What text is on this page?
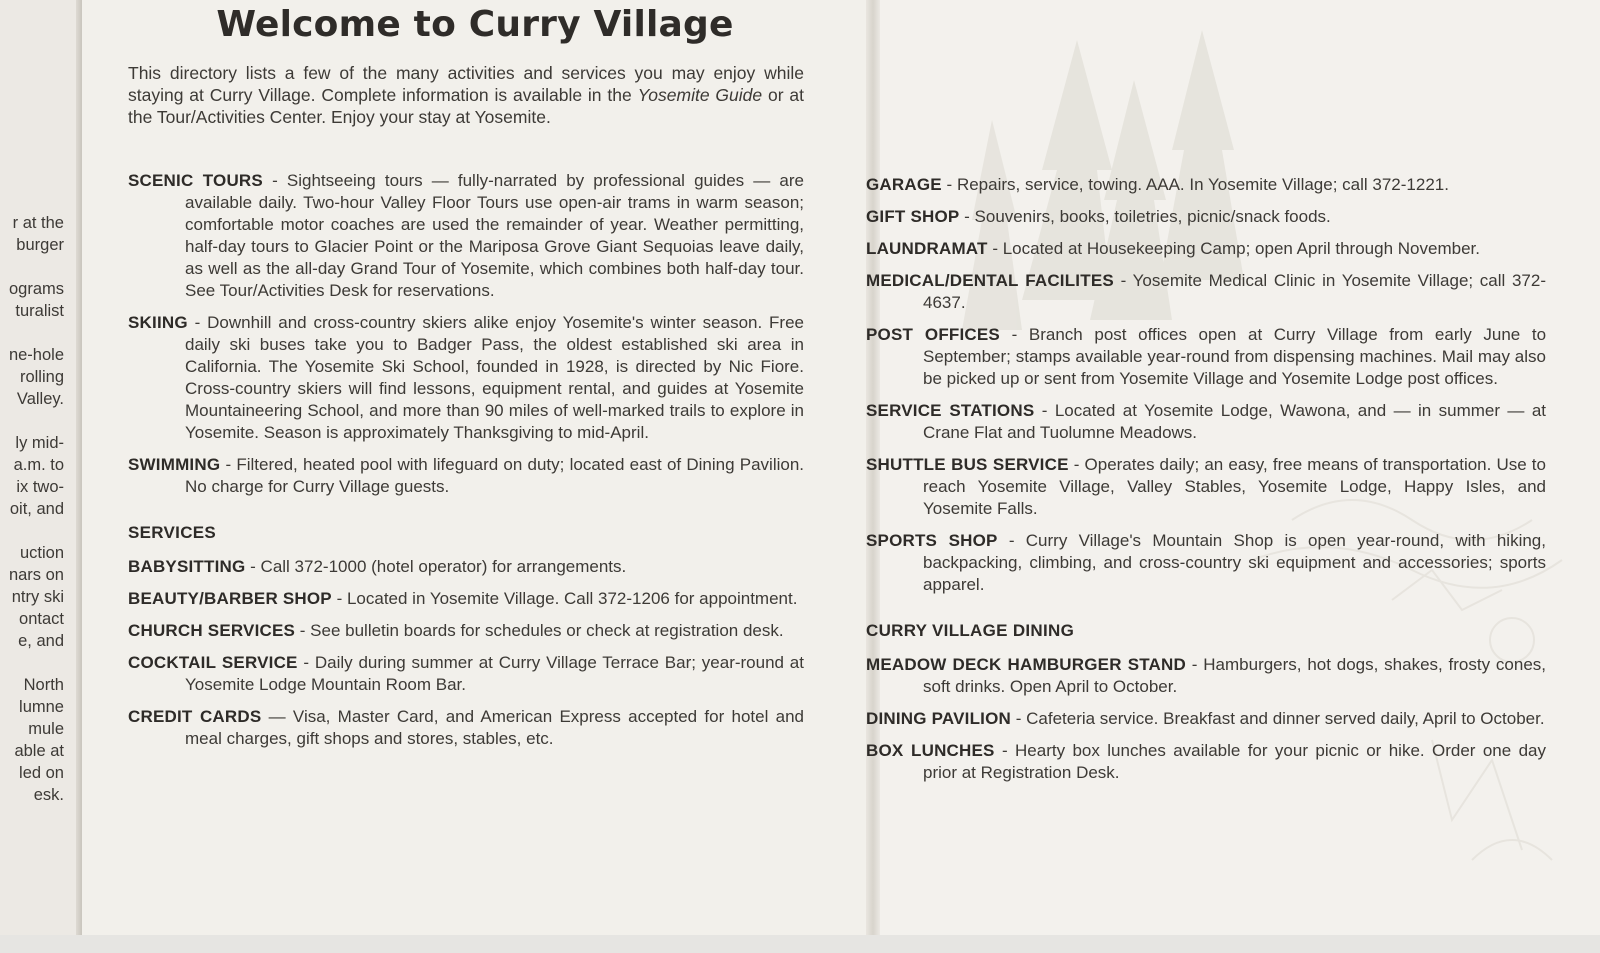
r at the
burger
ograms
turalist
ne-hole
rolling
Valley.
ly mid-
a.m. to
ix two-
oit, and
uction
nars on
ntry ski
ontact
e, and
North
lumne
mule
able at
led on
esk.
Welcome to Curry Village
This directory lists a few of the many activities and services you may enjoy while staying at Curry Village. Complete information is available in the Yosemite Guide or at the Tour/Activities Center. Enjoy your stay at Yosemite.

SCENIC TOURS - Sightseeing tours — fully-narrated by professional guides — are available daily. Two-hour Valley Floor Tours use open-air trams in warm season; comfortable motor coaches are used the remainder of year. Weather permitting, half-day tours to Glacier Point or the Mariposa Grove Giant Sequoias leave daily, as well as the all-day Grand Tour of Yosemite, which combines both half-day tour. See Tour/Activities Desk for reservations.

SKIING - Downhill and cross-country skiers alike enjoy Yosemite's winter season. Free daily ski buses take you to Badger Pass, the oldest established ski area in California. The Yosemite Ski School, founded in 1928, is directed by Nic Fiore. Cross-country skiers will find lessons, equipment rental, and guides at Yosemite Mountaineering School, and more than 90 miles of well-marked trails to explore in Yosemite. Season is approximately Thanksgiving to mid-April.

SWIMMING - Filtered, heated pool with lifeguard on duty; located east of Dining Pavilion. No charge for Curry Village guests.

SERVICES

BABYSITTING - Call 372-1000 (hotel operator) for arrangements.

BEAUTY/BARBER SHOP - Located in Yosemite Village. Call 372-1206 for appointment.

CHURCH SERVICES - See bulletin boards for schedules or check at registration desk.

COCKTAIL SERVICE - Daily during summer at Curry Village Terrace Bar; year-round at Yosemite Lodge Mountain Room Bar.

CREDIT CARDS — Visa, Master Card, and American Express accepted for hotel and meal charges, gift shops and stores, stables, etc.

GARAGE - Repairs, service, towing. AAA. In Yosemite Village; call 372-1221.

GIFT SHOP - Souvenirs, books, toiletries, picnic/snack foods.

LAUNDRAMAT - Located at Housekeeping Camp; open April through November.

MEDICAL/DENTAL FACILITES - Yosemite Medical Clinic in Yosemite Village; call 372-4637.

POST OFFICES - Branch post offices open at Curry Village from early June to September; stamps available year-round from dispensing machines. Mail may also be picked up or sent from Yosemite Village and Yosemite Lodge post offices.

SERVICE STATIONS - Located at Yosemite Lodge, Wawona, and — in summer — at Crane Flat and Tuolumne Meadows.

SHUTTLE BUS SERVICE - Operates daily; an easy, free means of transportation. Use to reach Yosemite Village, Valley Stables, Yosemite Lodge, Happy Isles, and Yosemite Falls.

SPORTS SHOP - Curry Village's Mountain Shop is open year-round, with hiking, backpacking, climbing, and cross-country ski equipment and accessories; sports apparel.

CURRY VILLAGE DINING

MEADOW DECK HAMBURGER STAND - Hamburgers, hot dogs, shakes, frosty cones, soft drinks. Open April to October.

DINING PAVILION - Cafeteria service. Breakfast and dinner served daily, April to October.

BOX LUNCHES - Hearty box lunches available for your picnic or hike. Order one day prior at Registration Desk.
